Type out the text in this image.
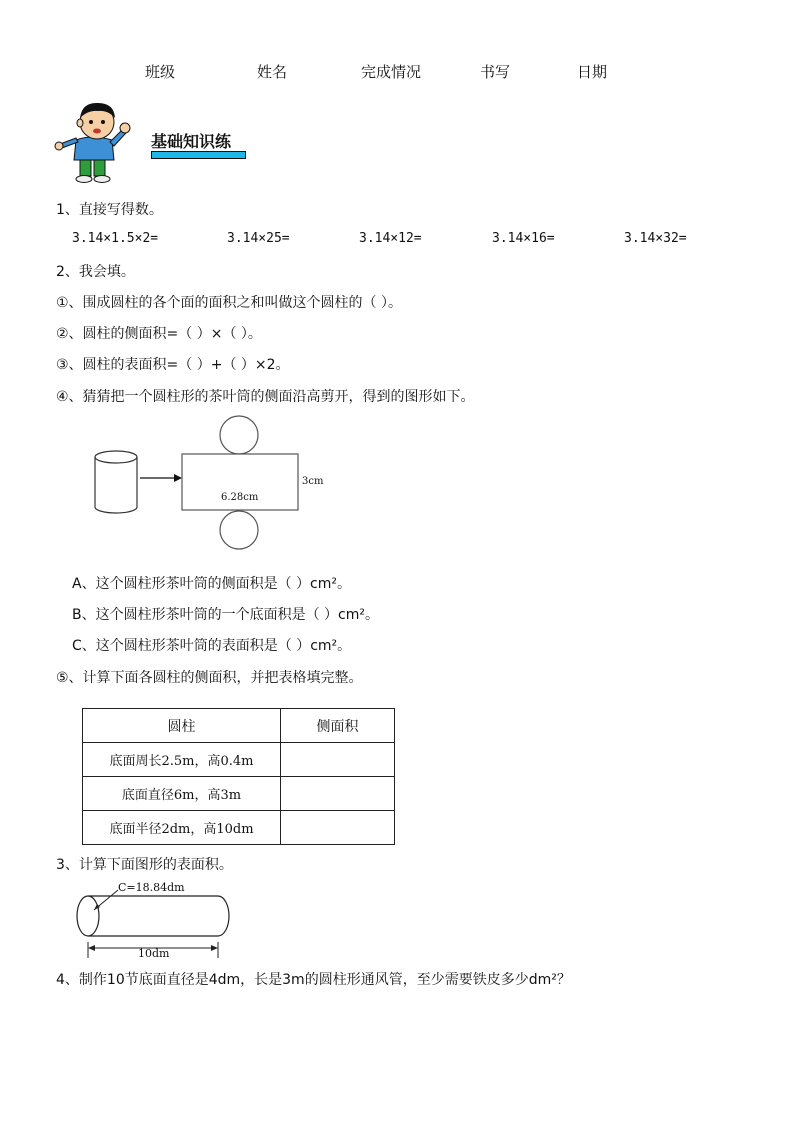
班级	姓名	完成情况	书写	日期
基础知识练
1、直接写得数。
3.14×1.5×2=	3.14×25=	3.14×12=	3.14×16=	3.14×32=
2、我会填。
①、围成圆柱的各个面的面积之和叫做这个圆柱的（ ）。
②、圆柱的侧面积=（ ）×（ ）。
③、圆柱的表面积=（ ）+（ ）×2。
④、猜猜把一个圆柱形的茶叶筒的侧面沿高剪开，得到的图形如下。
3cm
6.28cm
A、这个圆柱形茶叶筒的侧面积是（ ）cm²。
B、这个圆柱形茶叶筒的一个底面积是（ ）cm²。
C、这个圆柱形茶叶筒的表面积是（ ）cm²。
⑤、计算下面各圆柱的侧面积，并把表格填完整。
圆柱	侧面积
底面周长2.5m，高0.4m	
底面直径6m，高3m	
底面半径2dm，高10dm	
3、计算下面图形的表面积。
C=18.84dm
10dm
4、制作10节底面直径是4dm，长是3m的圆柱形通风管，至少需要铁皮多少dm²？
